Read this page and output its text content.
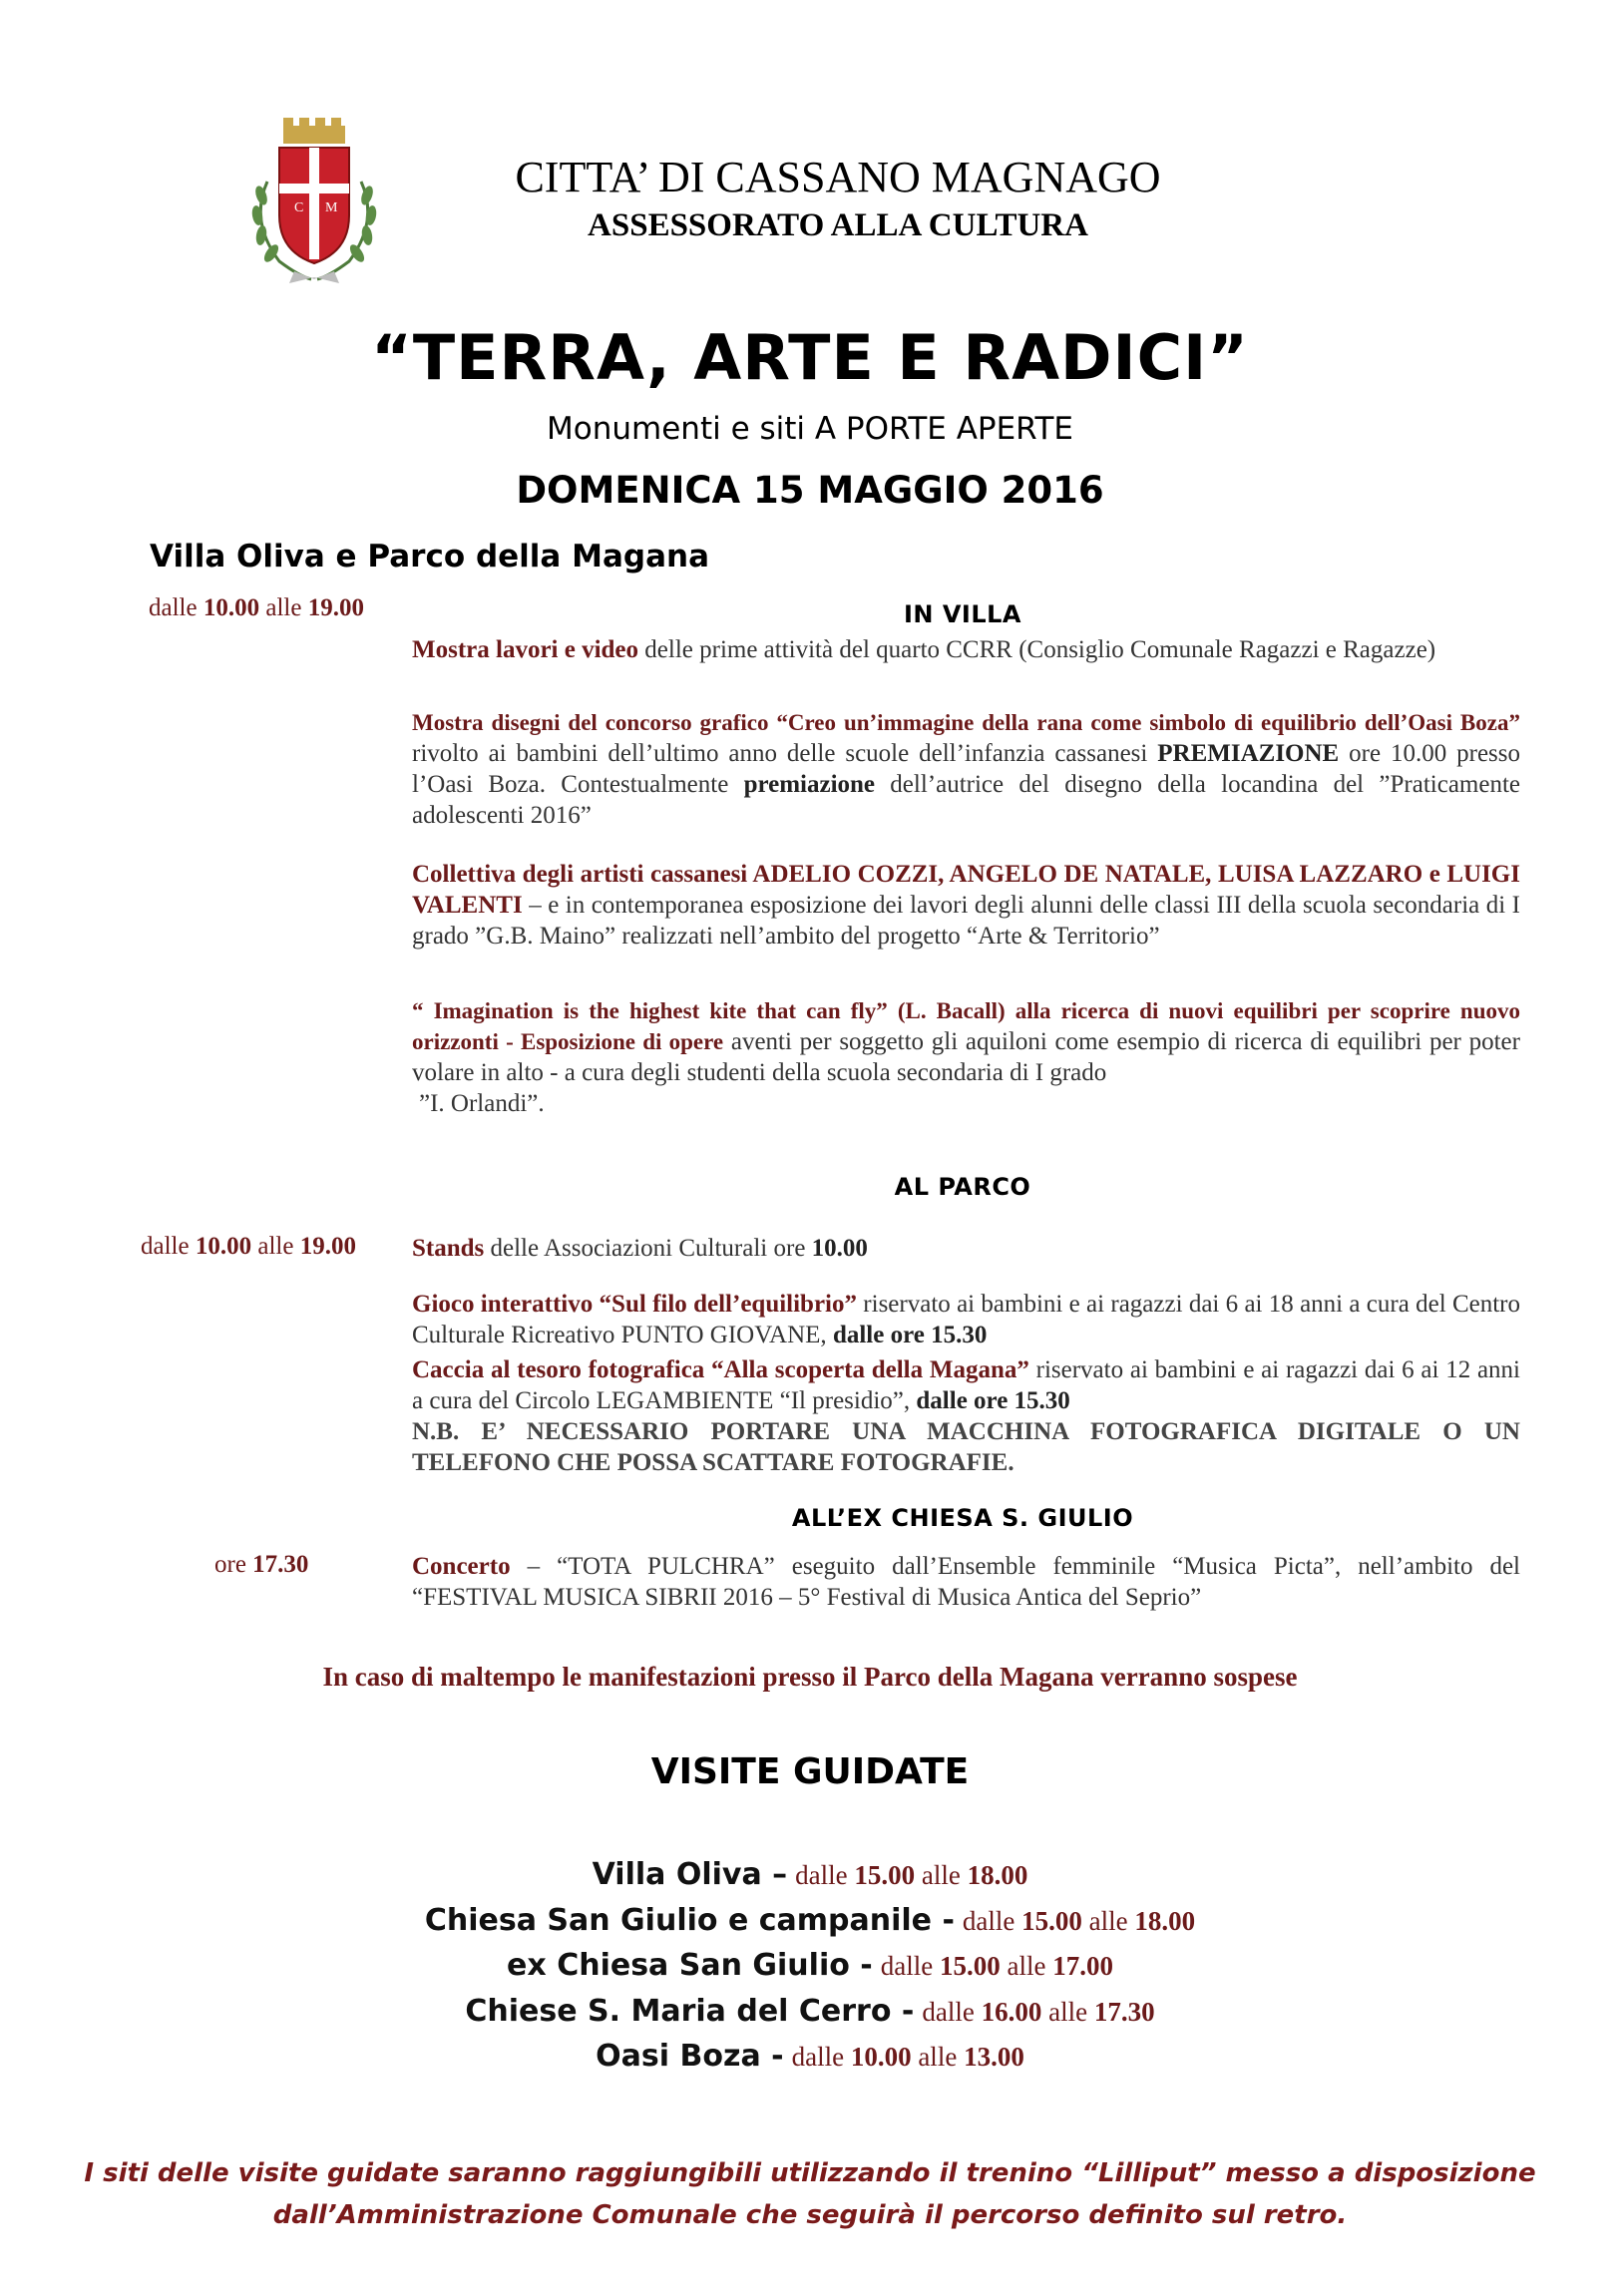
C M
CITTA’ DI CASSANO MAGNAGO
ASSESSORATO ALLA CULTURA
“TERRA, ARTE E RADICI”
Monumenti e siti A PORTE APERTE
DOMENICA 15 MAGGIO 2016
Villa Oliva e Parco della Magana
dalle 10.00 alle 19.00	IN VILLA
Mostra lavori e video delle prime attività del quarto CCRR (Consiglio Comunale Ragazzi e Ragazze)
Mostra disegni del concorso grafico “Creo un’immagine della rana come simbolo di equilibrio dell’Oasi Boza” rivolto ai bambini dell’ultimo anno delle scuole dell’infanzia cassanesi PREMIAZIONE ore 10.00 presso l’Oasi Boza. Contestualmente premiazione dell’autrice del disegno della locandina del ”Praticamente adolescenti 2016”
Collettiva degli artisti cassanesi ADELIO COZZI, ANGELO DE NATALE, LUISA LAZZARO e LUIGI VALENTI – e in contemporanea esposizione dei lavori degli alunni delle classi III della scuola secondaria di I grado ”G.B. Maino” realizzati nell’ambito del progetto “Arte & Territorio”
“ Imagination is the highest kite that can fly” (L. Bacall) alla ricerca di nuovi equilibri per scoprire nuovo orizzonti - Esposizione di opere aventi per soggetto gli aquiloni come esempio di ricerca di equilibri per poter volare in alto - a cura degli studenti della scuola secondaria di I grado
”I. Orlandi”.
AL PARCO
dalle 10.00 alle 19.00 Stands delle Associazioni Culturali ore 10.00
Gioco interattivo “Sul filo dell’equilibrio” riservato ai bambini e ai ragazzi dai 6 ai 18 anni a cura del Centro Culturale Ricreativo PUNTO GIOVANE, dalle ore 15.30
Caccia al tesoro fotografica “Alla scoperta della Magana” riservato ai bambini e ai ragazzi dai 6 ai 12 anni a cura del Circolo LEGAMBIENTE “Il presidio”, dalle ore 15.30
N.B. E’ NECESSARIO PORTARE UNA MACCHINA FOTOGRAFICA DIGITALE O UN TELEFONO CHE POSSA SCATTARE FOTOGRAFIE.
ALL’EX CHIESA S. GIULIO
ore 17.30	Concerto – “TOTA PULCHRA” eseguito dall’Ensemble femminile “Musica Picta”, nell’ambito del “FESTIVAL MUSICA SIBRII 2016 – 5° Festival di Musica Antica del Seprio”
In caso di maltempo le manifestazioni presso il Parco della Magana verranno sospese
VISITE GUIDATE
Villa Oliva – dalle 15.00 alle 18.00
Chiesa San Giulio e campanile - dalle 15.00 alle 18.00
ex Chiesa San Giulio - dalle 15.00 alle 17.00
Chiese S. Maria del Cerro - dalle 16.00 alle 17.30
Oasi Boza - dalle 10.00 alle 13.00
I siti delle visite guidate saranno raggiungibili utilizzando il trenino “Lilliput” messo a disposizione
dall’Amministrazione Comunale che seguirà il percorso definito sul retro.
